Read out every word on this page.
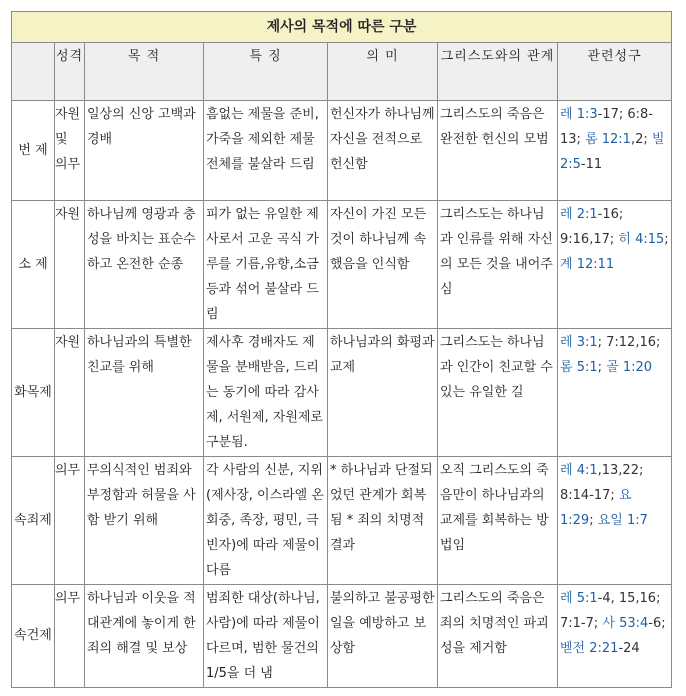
제사의 목적에 따른 구분						
	성격	목 적	특 징	의 미	그리스도와의 관계	관련성구
번 제	자원 및 의무	일상의 신앙 고백과 경배	흠없는 제물을 준비, 가죽을 제외한 제물 전체를 불살라 드림	헌신자가 하나님께 자신을 전적으로 헌신함	그리스도의 죽음은 완전한 헌신의 모범	레 1:3-17; 6:8-13; 롬 12:1,2; 빌 2:5-11
소 제	자원	하나님께 영광과 충성을 바치는 표순수하고 온전한 순종	피가 없는 유일한 제사로서 고운 곡식 가루를 기름,유향,소금 등과 섞어 불살라 드림	자신이 가진 모든 것이 하나님께 속했음을 인식함	그리스도는 하나님과 인류를 위해 자신의 모든 것을 내어주심	레 2:1-16; 9:16,17; 히 4:15; 계 12:11
화목제	자원	하나님과의 특별한 친교를 위해	제사후 경배자도 제물을 분배받음, 드리는 동기에 따라 감사제, 서원제, 자원제로 구분됨.	하나님과의 화평과 교제	그리스도는 하나님과 인간이 친교할 수 있는 유일한 길	레 3:1; 7:12,16; 롬 5:1; 골 1:20
속죄제	의무	무의식적인 범죄와 부정함과 허물을 사함 받기 위해	각 사람의 신분, 지위(제사장, 이스라엘 온 회중, 족장, 평민, 극빈자)에 따라 제물이 다름	* 하나님과 단절되었던 관계가 회복됨 * 죄의 치명적 결과	오직 그리스도의 죽음만이 하나님과의 교제를 회복하는 방법임	레 4:1,13,22; 8:14-17; 요 1:29; 요일 1:7
속건제	의무	하나님과 이웃을 적대관계에 놓이게 한 죄의 해결 및 보상	범죄한 대상(하나님,사람)에 따라 제물이 다르며, 범한 물건의 1/5을 더 냄	불의하고 불공평한 일을 예방하고 보상함	그리스도의 죽음은 죄의 치명적인 파괴성을 제거함	레 5:1-4, 15,16; 7:1-7; 사 53:4-6; 벧전 2:21-24
